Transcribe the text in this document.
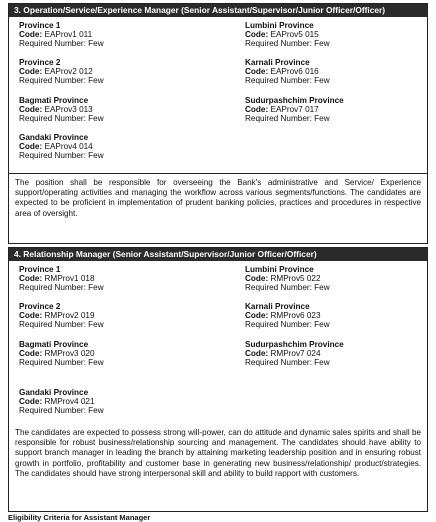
3. Operation/Service/Experience Manager (Senior Assistant/Supervisor/Junior Officer/Officer)
Province 1
Code: EAProv1 011
Required Number: Few
Lumbini Province
Code: EAProv5 015
Required Number: Few
Province 2
Code: EAProv2 012
Required Number: Few
Karnali Province
Code: EAProv6 016
Required Number: Few
Bagmati Province
Code: EAProv3 013
Required Number: Few
Sudurpashchim Province
Code: EAProv7 017
Required Number: Few
Gandaki Province
Code: EAProv4 014
Required Number: Few
The position shall be responsible for overseeing the Bank's administrative and Service/ Experience support/operating activities and managing the workflow across various segments/functions. The candidates are expected to be proficient in implementation of prudent banking policies, practices and procedures in respective area of oversight.
4. Relationship Manager (Senior Assistant/Supervisor/Junior Officer/Officer)
Province 1
Code: RMProv1 018
Required Number: Few
Lumbini Province
Code: RMProv5 022
Required Number: Few
Province 2
Code: RMProv2 019
Required Number: Few
Karnali Province
Code: RMProv6 023
Required Number: Few
Bagmati Province
Code: RMProv3 020
Required Number: Few
Sudurpashchim Province
Code: RMProv7 024
Required Number: Few
Gandaki Province
Code: RMProv4 021
Required Number: Few
The candidates are expected to possess strong will-power, can do attitude and dynamic sales spirits and shall be responsible for robust business/relationship sourcing and management. The candidates should have ability to support branch manager in leading the branch by attaining marketing leadership position and in ensuring robust growth in portfolio, profitability and customer base in generating new business/relationship/ product/strategies. The candidates should have strong interpersonal skill and ability to build rapport with customers.
Eligibility Criteria for Assistant Manager
